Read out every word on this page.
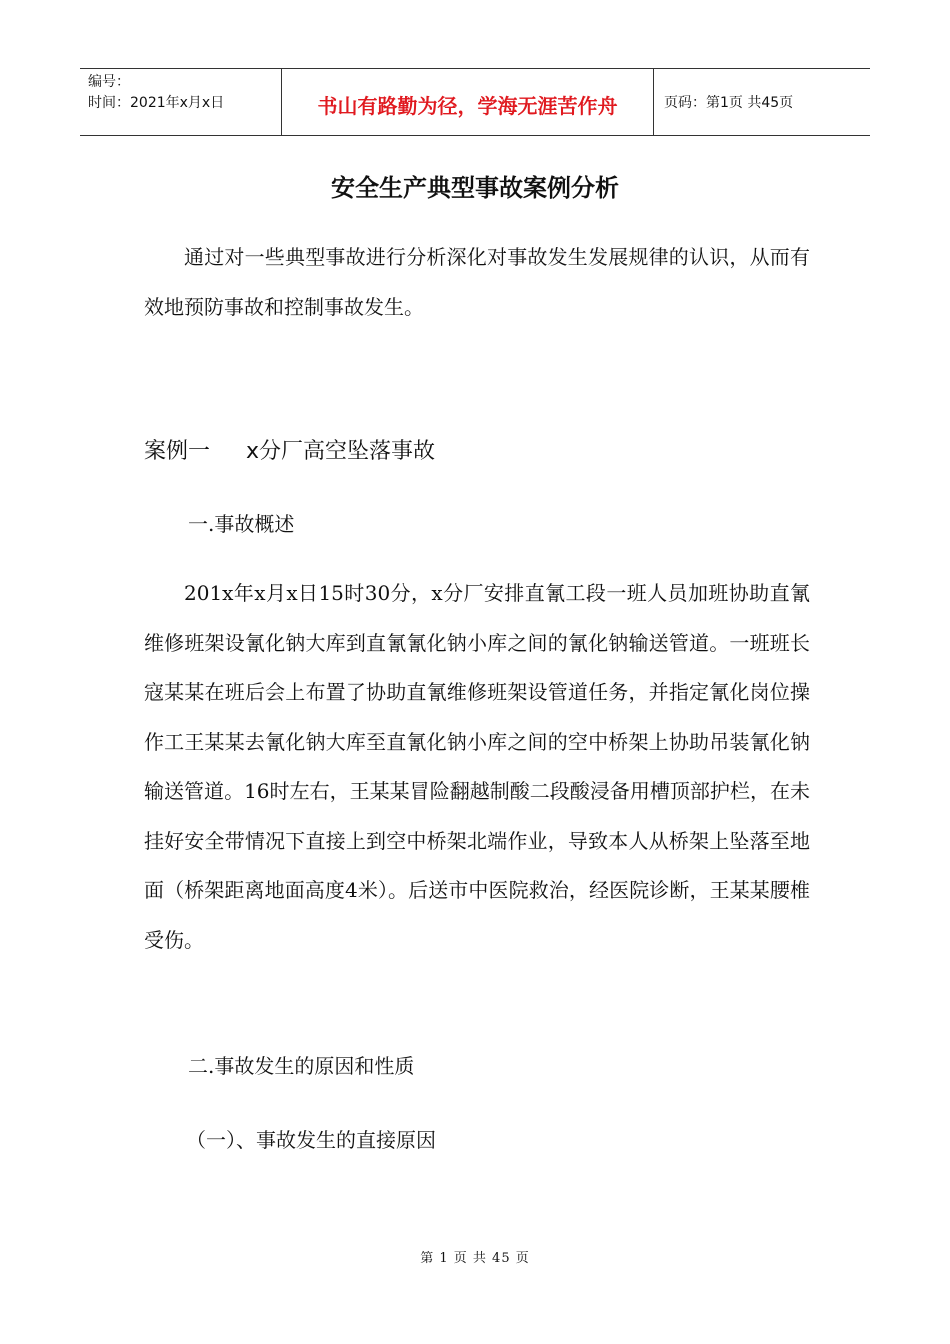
编号：
时间：2021年x月x日	书山有路勤为径，学海无涯苦作舟	页码：第1页 共45页
安全生产典型事故案例分析

通过对一些典型事故进行分析深化对事故发生发展规律的认识，从而有效地预防事故和控制事故发生。

案例一 x分厂高空坠落事故
一.事故概述

201x年x月x日15时30分，x分厂安排直氰工段一班人员加班协助直氰维修班架设氰化钠大库到直氰氰化钠小库之间的氰化钠输送管道。一班班长寇某某在班后会上布置了协助直氰维修班架设管道任务，并指定氰化岗位操作工王某某去氰化钠大库至直氰化钠小库之间的空中桥架上协助吊装氰化钠输送管道。16时左右，王某某冒险翻越制酸二段酸浸备用槽顶部护栏，在未挂好安全带情况下直接上到空中桥架北端作业，导致本人从桥架上坠落至地面（桥架距离地面高度4米）。后送市中医院救治，经医院诊断，王某某腰椎受伤。

二.事故发生的原因和性质
（一）、事故发生的直接原因
第 1 页 共 45 页
